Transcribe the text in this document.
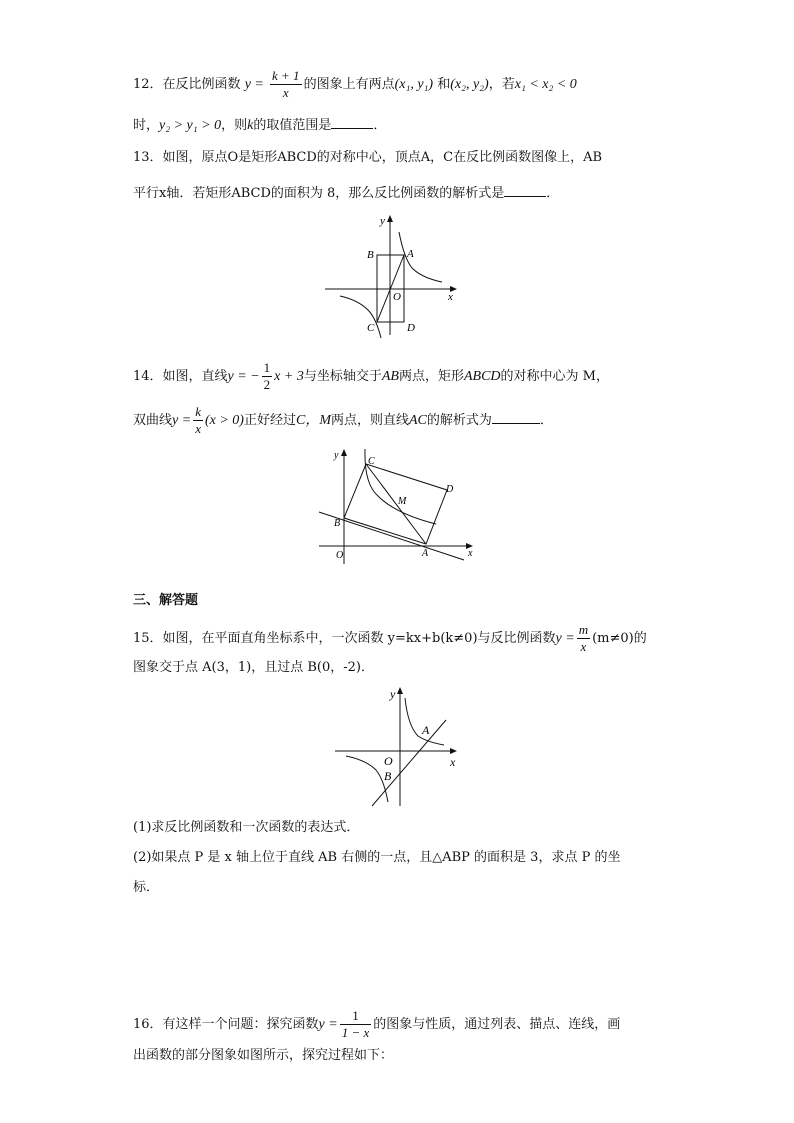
12．在反比例函数 $y = \frac{k + 1}{x}$ 的图象上有两点(x₁, y₁) 和(x₂, y₂)，若x₁ < x₂ < 0
时，y₂ > y₁ > 0，则k的取值范围是	．
13．如图，原点O是矩形ABCD的对称中心，顶点A，C在反比例函数图像上，AB
平行x轴．若矩形ABCD的面积为 8，那么反比例函数的解析式是	．
y
x
A
B
C	D
O
14．如图，直线y = − $\frac{1}{2}$ x + 3与坐标轴交于AB两点，矩形ABCD的对称中心为 M，
双曲线$y = \frac{k}{x} (x > 0)$正好经过C，M两点，则直线AC的解析式为	．
y
x
B
C
D
A
M
O
三、解答题
15．如图，在平面直角坐标系中，一次函数 y=kx+b(k≠0)与反比例函数$y = \frac{m}{x} (m\ne 0)$的
图象交于点 A(3，1)，且过点 B(0，-2)．
y
x
A
O
B
(1)求反比例函数和一次函数的表达式．
(2)如果点 P 是 x 轴上位于直线 AB 右侧的一点，且△ABP 的面积是 3，求点 P 的坐
标．
16．有这样一个问题：探究函数$y = \frac{1}{1 - x}$ 的图象与性质，通过列表、描点、连线，画
出函数的部分图象如图所示，探究过程如下：
